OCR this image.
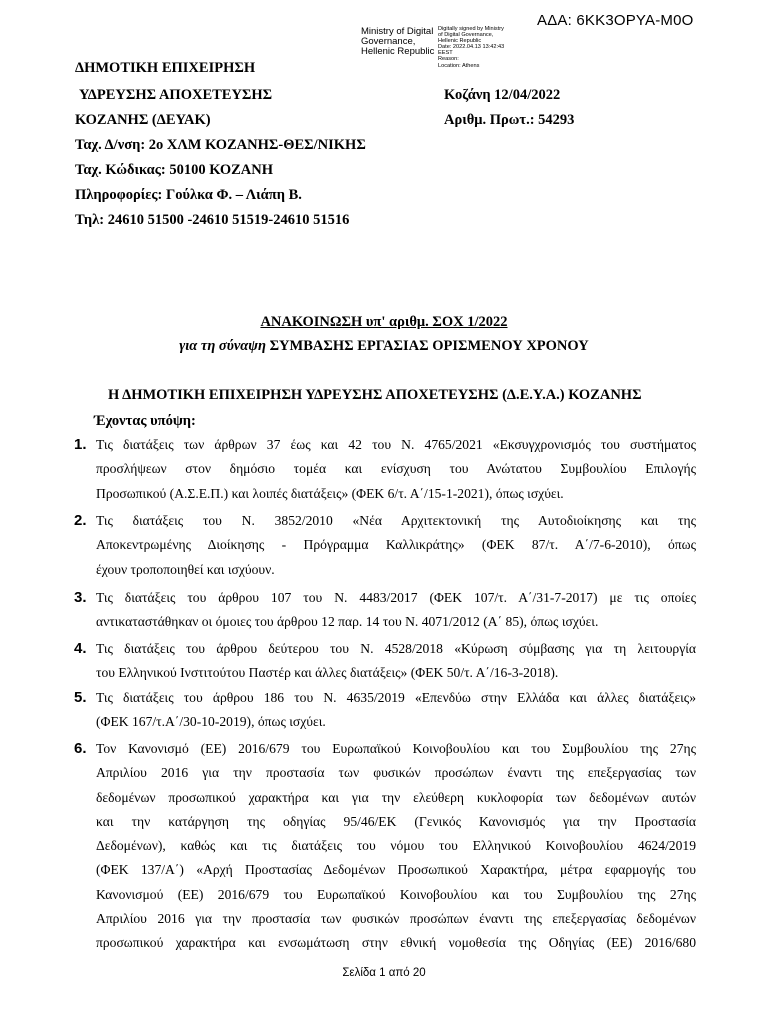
ΑΔΑ: 6ΚΚ3ΟΡΥΑ-Μ0Ο
Ministry of Digital
Governance,
Hellenic Republic
Digitally signed by Ministry
of Digital Governance,
Hellenic Republic
Date: 2022.04.13 13:42:43
EEST
Reason:
Location: Athens
ΔΗΜΟΤΙΚΗ ΕΠΙΧΕΙΡΗΣΗ
ΥΔΡΕΥΣΗΣ ΑΠΟΧΕΤΕΥΣΗΣ
ΚΟΖΑΝΗΣ (ΔΕΥΑΚ)
Ταχ. Δ/νση: 2ο ΧΛΜ ΚΟΖΑΝΗΣ-ΘΕΣ/ΝΙΚΗΣ
Ταχ. Κώδικας: 50100 ΚΟΖΑΝΗ
Πληροφορίες: Γούλκα Φ. – Λιάπη Β.
Τηλ: 24610 51500 -24610 51519-24610 51516
Κοζάνη 12/04/2022
Αριθμ. Πρωτ.: 54293
ΑΝΑΚΟΙΝΩΣΗ υπ' αριθμ. ΣΟΧ 1/2022
για τη σύναψη ΣΥΜΒΑΣΗΣ ΕΡΓΑΣΙΑΣ ΟΡΙΣΜΕΝΟΥ ΧΡΟΝΟΥ
Η ΔΗΜΟΤΙΚΗ ΕΠΙΧΕΙΡΗΣΗ ΥΔΡΕΥΣΗΣ ΑΠΟΧΕΤΕΥΣΗΣ (Δ.Ε.Υ.Α.) ΚΟΖΑΝΗΣ
Έχοντας υπόψη:
1. Τις διατάξεις των άρθρων 37 έως και 42 του Ν. 4765/2021 «Εκσυγχρονισμός του συστήματος
προσλήψεων στον δημόσιο τομέα και ενίσχυση του Ανώτατου Συμβουλίου Επιλογής
Προσωπικού (Α.Σ.Ε.Π.) και λοιπές διατάξεις» (ΦΕΚ 6/τ. Α΄/15-1-2021), όπως ισχύει.
2. Τις διατάξεις του Ν. 3852/2010 «Νέα Αρχιτεκτονική της Αυτοδιοίκησης και της
Αποκεντρωμένης Διοίκησης - Πρόγραμμα Καλλικράτης» (ΦΕΚ 87/τ. Α΄/7-6-2010), όπως
έχουν τροποποιηθεί και ισχύουν.
3. Τις διατάξεις του άρθρου 107 του Ν. 4483/2017 (ΦΕΚ 107/τ. Α΄/31-7-2017) με τις οποίες
αντικαταστάθηκαν οι όμοιες του άρθρου 12 παρ. 14 του Ν. 4071/2012 (Α΄ 85), όπως ισχύει.
4. Τις διατάξεις του άρθρου δεύτερου του Ν. 4528/2018 «Κύρωση σύμβασης για τη λειτουργία
του Ελληνικού Ινστιτούτου Παστέρ και άλλες διατάξεις» (ΦΕΚ 50/τ. Α΄/16-3-2018).
5. Τις διατάξεις του άρθρου 186 του Ν. 4635/2019 «Επενδύω στην Ελλάδα και άλλες διατάξεις»
(ΦΕΚ 167/τ.Α΄/30-10-2019), όπως ισχύει.
6. Τον Κανονισμό (ΕΕ) 2016/679 του Ευρωπαϊκού Κοινοβουλίου και του Συμβουλίου της 27ης
Απριλίου 2016 για την προστασία των φυσικών προσώπων έναντι της επεξεργασίας των
δεδομένων προσωπικού χαρακτήρα και για την ελεύθερη κυκλοφορία των δεδομένων αυτών
και την κατάργηση της οδηγίας 95/46/ΕΚ (Γενικός Κανονισμός για την Προστασία
Δεδομένων), καθώς και τις διατάξεις του νόμου του Ελληνικού Κοινοβουλίου 4624/2019
(ΦΕΚ 137/Α΄) «Αρχή Προστασίας Δεδομένων Προσωπικού Χαρακτήρα, μέτρα εφαρμογής του
Κανονισμού (ΕΕ) 2016/679 του Ευρωπαϊκού Κοινοβουλίου και του Συμβουλίου της 27ης
Απριλίου 2016 για την προστασία των φυσικών προσώπων έναντι της επεξεργασίας δεδομένων
προσωπικού χαρακτήρα και ενσωμάτωση στην εθνική νομοθεσία της Οδηγίας (ΕΕ) 2016/680
Σελίδα 1 από 20
